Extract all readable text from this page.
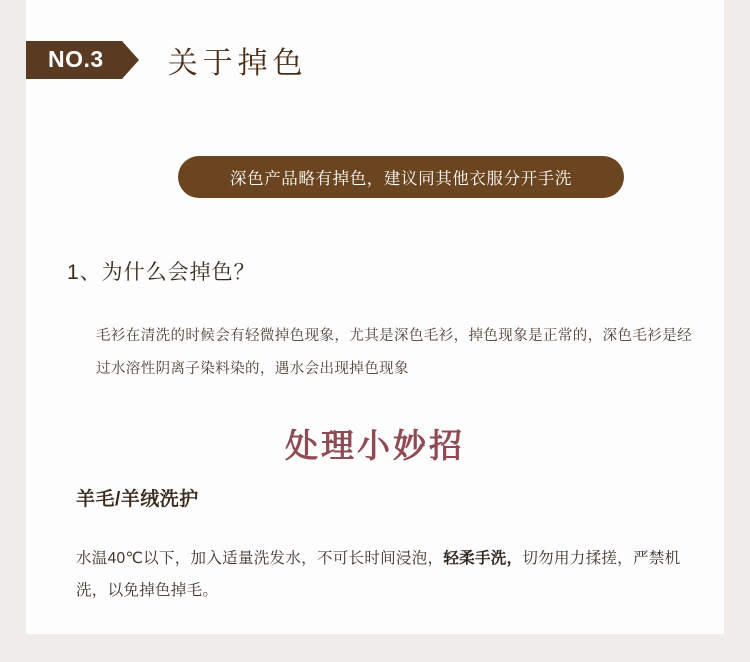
NO.3	关于掉色
深色产品略有掉色，建议同其他衣服分开手洗
1、为什么会掉色？
毛衫在清洗的时候会有轻微掉色现象，尤其是深色毛衫，掉色现象是正常的，深色毛衫是经过水溶性阴离子染料染的，遇水会出现掉色现象
处理小妙招
羊毛/羊绒洗护
水温40℃以下，加入适量洗发水，不可长时间浸泡，轻柔手洗，切勿用力揉搓，严禁机洗，以免掉色掉毛。
